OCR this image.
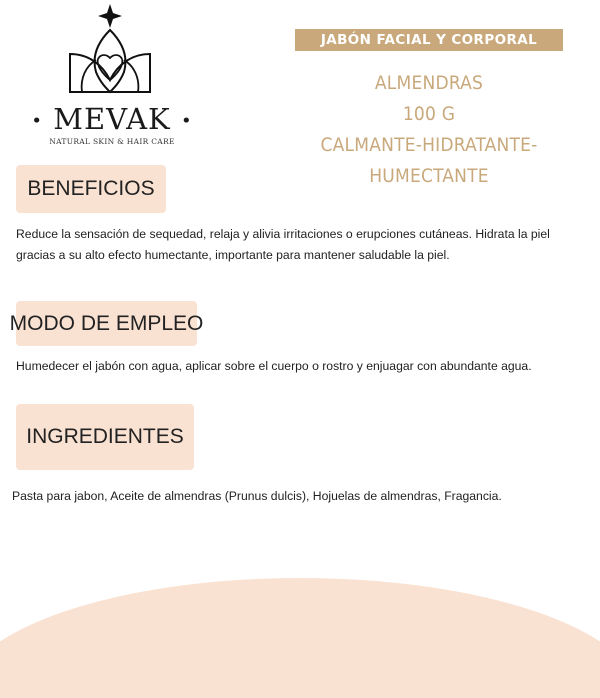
• MEVAK •
NATURAL SKIN & HAIR CARE
JABÓN FACIAL Y CORPORAL
ALMENDRAS
100 G
CALMANTE-HIDRATANTE-
HUMECTANTE
BENEFICIOS
Reduce la sensación de sequedad, relaja y alivia irritaciones o erupciones cutáneas. Hidrata la piel gracias a su alto efecto humectante, importante para mantener saludable la piel.
MODO DE EMPLEO
Humedecer el jabón con agua, aplicar sobre el cuerpo o rostro y enjuagar con abundante agua.
INGREDIENTES
Pasta para jabon, Aceite de almendras (Prunus dulcis), Hojuelas de almendras, Fragancia.
